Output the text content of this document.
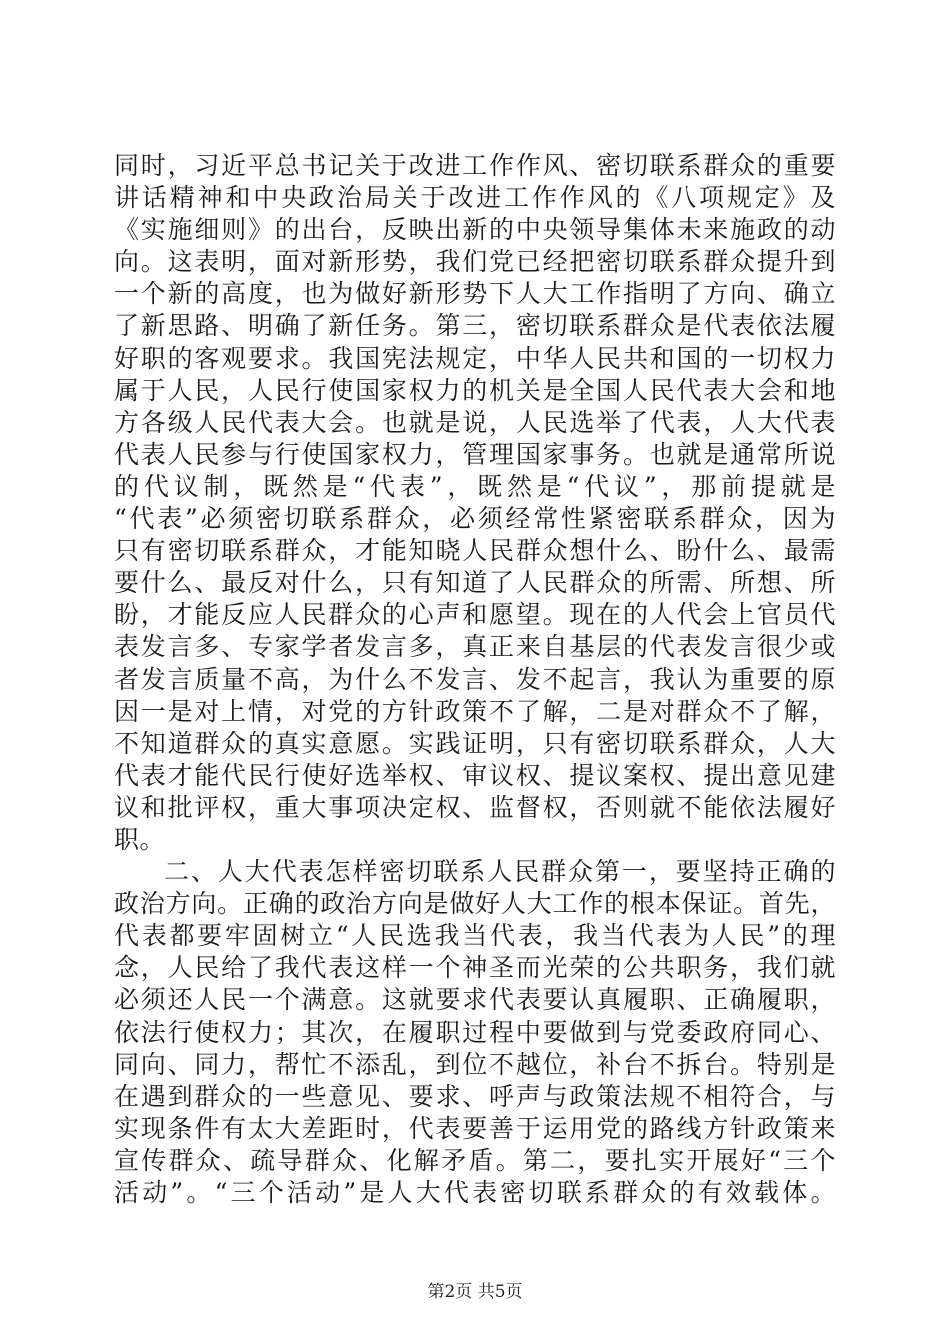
同时，习近平总书记关于改进工作作风、密切联系群众的重要
讲话精神和中央政治局关于改进工作作风的《八项规定》及
《实施细则》的出台，反映出新的中央领导集体未来施政的动
向。这表明，面对新形势，我们党已经把密切联系群众提升到
一个新的高度，也为做好新形势下人大工作指明了方向、确立
了新思路、明确了新任务。第三，密切联系群众是代表依法履
好职的客观要求。我国宪法规定，中华人民共和国的一切权力
属于人民，人民行使国家权力的机关是全国人民代表大会和地
方各级人民代表大会。也就是说，人民选举了代表，人大代表
代表人民参与行使国家权力，管理国家事务。也就是通常所说
的代议制，既然是“代表”，既然是“代议”，那前提就是
“代表”必须密切联系群众，必须经常性紧密联系群众，因为
只有密切联系群众，才能知晓人民群众想什么、盼什么、最需
要什么、最反对什么，只有知道了人民群众的所需、所想、所
盼，才能反应人民群众的心声和愿望。现在的人代会上官员代
表发言多、专家学者发言多，真正来自基层的代表发言很少或
者发言质量不高，为什么不发言、发不起言，我认为重要的原
因一是对上情，对党的方针政策不了解，二是对群众不了解，
不知道群众的真实意愿。实践证明，只有密切联系群众，人大
代表才能代民行使好选举权、审议权、提议案权、提出意见建
议和批评权，重大事项决定权、监督权，否则就不能依法履好
职。
二、人大代表怎样密切联系人民群众第一，要坚持正确的
政治方向。正确的政治方向是做好人大工作的根本保证。首先，
代表都要牢固树立“人民选我当代表，我当代表为人民”的理
念，人民给了我代表这样一个神圣而光荣的公共职务，我们就
必须还人民一个满意。这就要求代表要认真履职、正确履职，
依法行使权力；其次，在履职过程中要做到与党委政府同心、
同向、同力，帮忙不添乱，到位不越位，补台不拆台。特别是
在遇到群众的一些意见、要求、呼声与政策法规不相符合，与
实现条件有太大差距时，代表要善于运用党的路线方针政策来
宣传群众、疏导群众、化解矛盾。第二，要扎实开展好“三个
活动”。“三个活动”是人大代表密切联系群众的有效载体。
第2页 共5页
